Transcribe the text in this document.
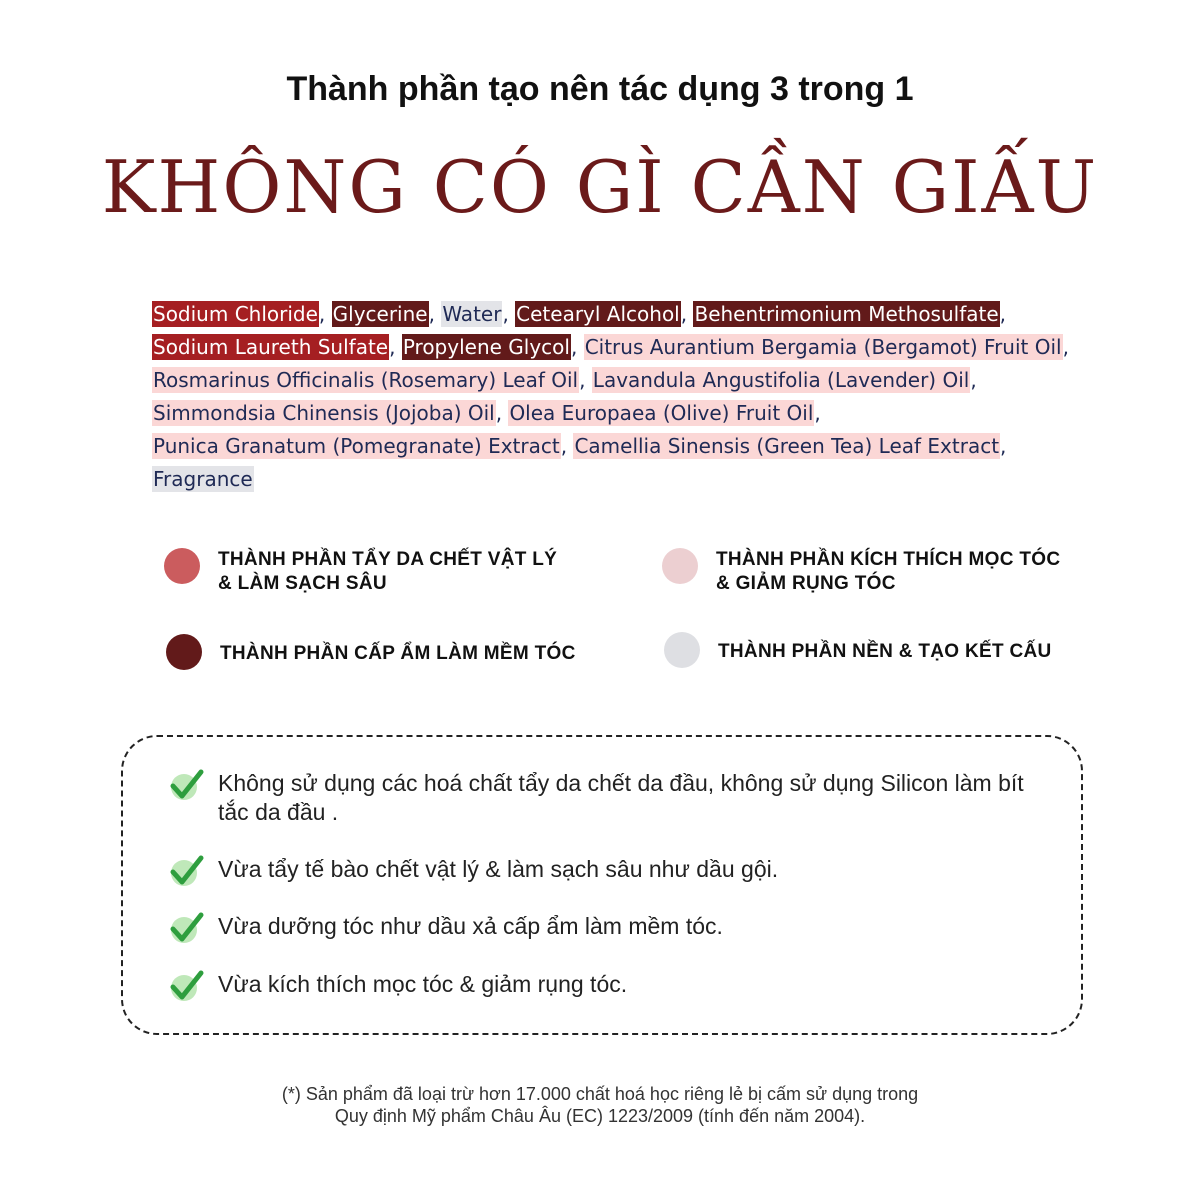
Thành phần tạo nên tác dụng 3 trong 1
KHÔNG CÓ GÌ CẦN GIẤU
Sodium Chloride, Glycerine, Water, Cetearyl Alcohol, Behentrimonium Methosulfate,
Sodium Laureth Sulfate, Propylene Glycol, Citrus Aurantium Bergamia (Bergamot) Fruit Oil,
Rosmarinus Officinalis (Rosemary) Leaf Oil, Lavandula Angustifolia (Lavender) Oil,
Simmondsia Chinensis (Jojoba) Oil, Olea Europaea (Olive) Fruit Oil,
Punica Granatum (Pomegranate) Extract, Camellia Sinensis (Green Tea) Leaf Extract,
Fragrance
THÀNH PHẦN TẨY DA CHẾT VẬT LÝ
& LÀM SẠCH SÂU
THÀNH PHẦN KÍCH THÍCH MỌC TÓC
& GIẢM RỤNG TÓC
THÀNH PHẦN CẤP ẨM LÀM MỀM TÓC	THÀNH PHẦN NỀN & TẠO KẾT CẤU
Không sử dụng các hoá chất tẩy da chết da đầu, không sử dụng Silicon làm bít tắc da đầu .
Vừa tẩy tế bào chết vật lý & làm sạch sâu như dầu gội.
Vừa dưỡng tóc như dầu xả cấp ẩm làm mềm tóc.
Vừa kích thích mọc tóc & giảm rụng tóc.
(*) Sản phẩm đã loại trừ hơn 17.000 chất hoá học riêng lẻ bị cấm sử dụng trong
Quy định Mỹ phẩm Châu Âu (EC) 1223/2009 (tính đến năm 2004).
